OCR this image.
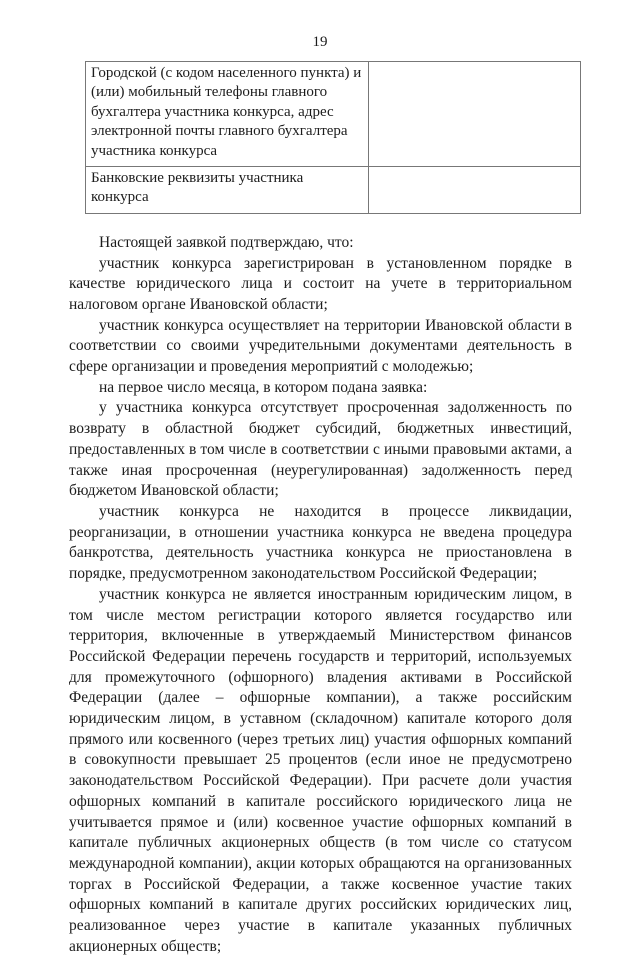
19
Городской (с кодом населенного пункта) и (или) мобильный телефоны главного бухгалтера участника конкурса, адрес электронной почты главного бухгалтера участника конкурса	
Банковские реквизиты участника конкурса	

Настоящей заявкой подтверждаю, что:

участник конкурса зарегистрирован в установленном порядке в качестве юридического лица и состоит на учете в территориальном налоговом органе Ивановской области;

участник конкурса осуществляет на территории Ивановской области в соответствии со своими учредительными документами деятельность в сфере организации и проведения мероприятий с молодежью;

на первое число месяца, в котором подана заявка:

у участника конкурса отсутствует просроченная задолженность по возврату в областной бюджет субсидий, бюджетных инвестиций, предоставленных в том числе в соответствии с иными правовыми актами, а также иная просроченная (неурегулированная) задолженность перед бюджетом Ивановской области;

участник конкурса не находится в процессе ликвидации, реорганизации, в отношении участника конкурса не введена процедура банкротства, деятельность участника конкурса не приостановлена в порядке, предусмотренном законодательством Российской Федерации;

участник конкурса не является иностранным юридическим лицом, в том числе местом регистрации которого является государство или территория, включенные в утверждаемый Министерством финансов Российской Федерации перечень государств и территорий, используемых для промежуточного (офшорного) владения активами в Российской Федерации (далее – офшорные компании), а также российским юридическим лицом, в уставном (складочном) капитале которого доля прямого или косвенного (через третьих лиц) участия офшорных компаний в совокупности превышает 25 процентов (если иное не предусмотрено законодательством Российской Федерации). При расчете доли участия офшорных компаний в капитале российского юридического лица не учитывается прямое и (или) косвенное участие офшорных компаний в капитале публичных акционерных обществ (в том числе со статусом международной компании), акции которых обращаются на организованных торгах в Российской Федерации, а также косвенное участие таких офшорных компаний в капитале других российских юридических лиц, реализованное через участие в капитале указанных публичных акционерных обществ;
